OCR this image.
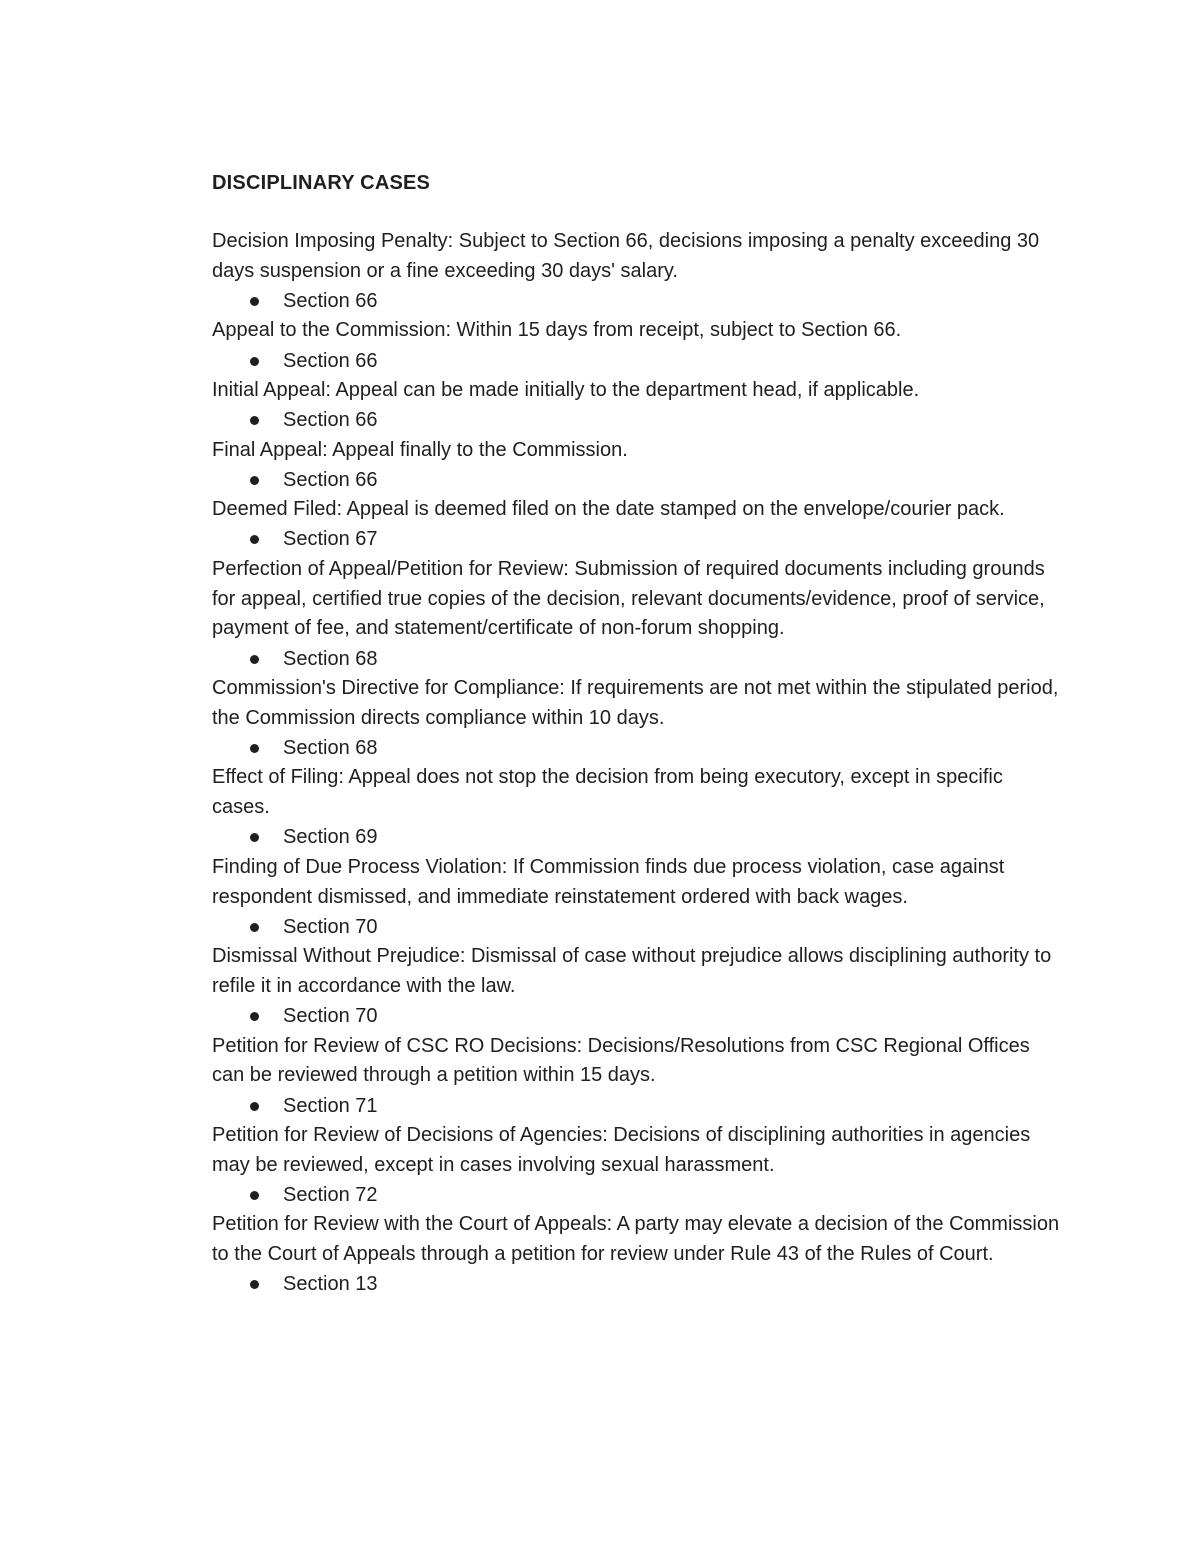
DISCIPLINARY CASES

Decision Imposing Penalty: Subject to Section 66, decisions imposing a penalty exceeding 30 days suspension or a fine exceeding 30 days' salary.

Section 66

Appeal to the Commission: Within 15 days from receipt, subject to Section 66.

Section 66

Initial Appeal: Appeal can be made initially to the department head, if applicable.

Section 66

Final Appeal: Appeal finally to the Commission.

Section 66

Deemed Filed: Appeal is deemed filed on the date stamped on the envelope/courier pack.

Section 67

Perfection of Appeal/Petition for Review: Submission of required documents including grounds for appeal, certified true copies of the decision, relevant documents/evidence, proof of service, payment of fee, and statement/certificate of non-forum shopping.

Section 68

Commission's Directive for Compliance: If requirements are not met within the stipulated period, the Commission directs compliance within 10 days.

Section 68

Effect of Filing: Appeal does not stop the decision from being executory, except in specific cases.

Section 69

Finding of Due Process Violation: If Commission finds due process violation, case against respondent dismissed, and immediate reinstatement ordered with back wages.

Section 70

Dismissal Without Prejudice: Dismissal of case without prejudice allows disciplining authority to refile it in accordance with the law.

Section 70

Petition for Review of CSC RO Decisions: Decisions/Resolutions from CSC Regional Offices can be reviewed through a petition within 15 days.

Section 71

Petition for Review of Decisions of Agencies: Decisions of disciplining authorities in agencies may be reviewed, except in cases involving sexual harassment.

Section 72

Petition for Review with the Court of Appeals: A party may elevate a decision of the Commission to the Court of Appeals through a petition for review under Rule 43 of the Rules of Court.

Section 13
